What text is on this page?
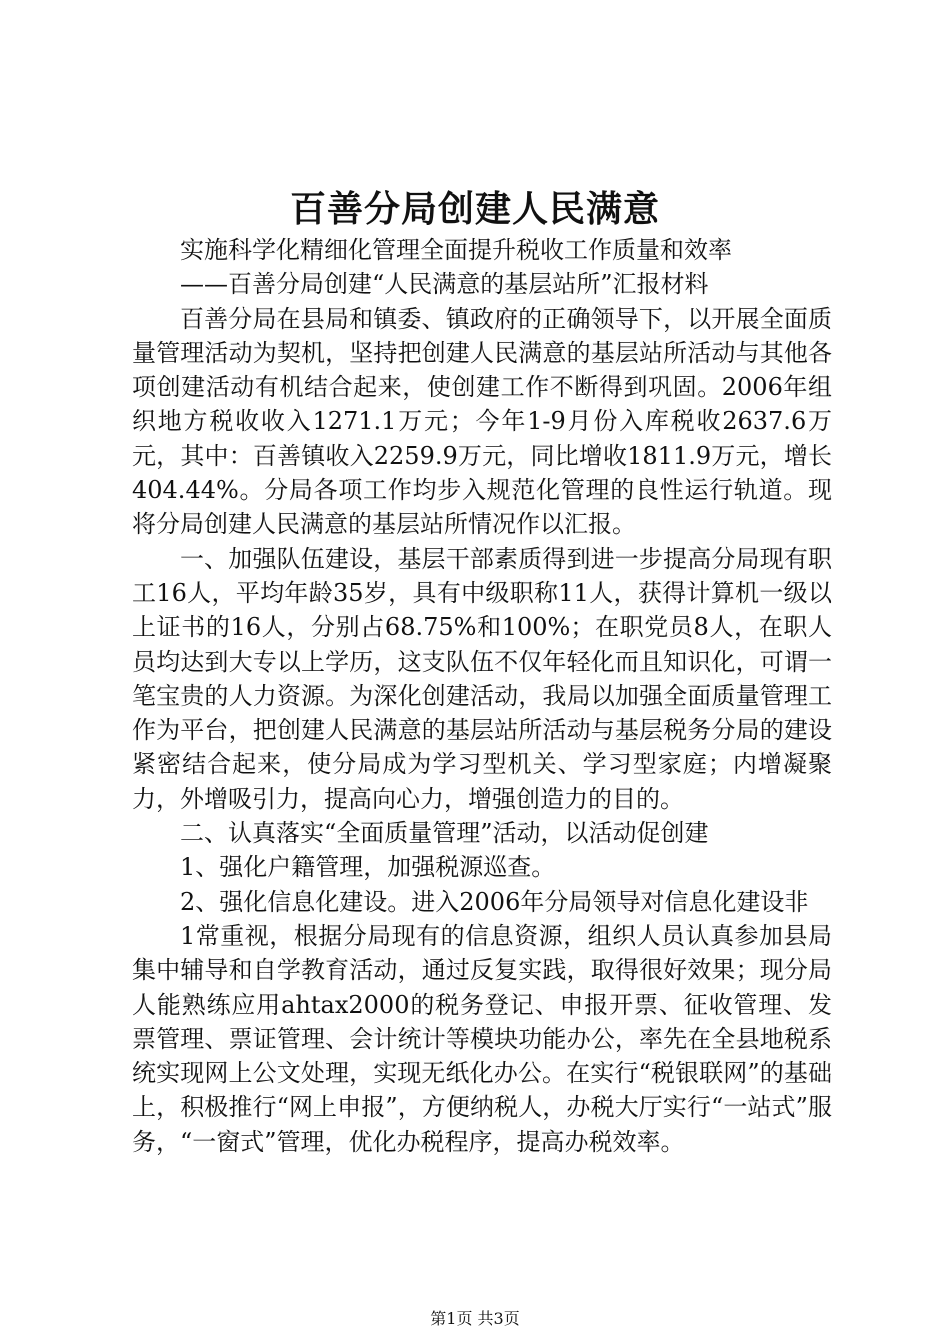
百善分局创建人民满意

实施科学化精细化管理全面提升税收工作质量和效率

——百善分局创建“人民满意的基层站所”汇报材料

百善分局在县局和镇委、镇政府的正确领导下，以开展全面质量管理活动为契机，坚持把创建人民满意的基层站所活动与其他各项创建活动有机结合起来，使创建工作不断得到巩固。2006年组织地方税收收入1271.1万元；今年1-9月份入库税收2637.6万元，其中：百善镇收入2259.9万元，同比增收1811.9万元，增长404.44%。分局各项工作均步入规范化管理的良性运行轨道。现将分局创建人民满意的基层站所情况作以汇报。

一、加强队伍建设，基层干部素质得到进一步提高分局现有职工16人，平均年龄35岁，具有中级职称11人，获得计算机一级以上证书的16人，分别占68.75%和100%；在职党员8人，在职人员均达到大专以上学历，这支队伍不仅年轻化而且知识化，可谓一笔宝贵的人力资源。为深化创建活动，我局以加强全面质量管理工作为平台，把创建人民满意的基层站所活动与基层税务分局的建设紧密结合起来，使分局成为学习型机关、学习型家庭；内增凝聚力，外增吸引力，提高向心力，增强创造力的目的。

二、认真落实“全面质量管理”活动，以活动促创建

1、强化户籍管理，加强税源巡查。

2、强化信息化建设。进入2006年分局领导对信息化建设非

1常重视，根据分局现有的信息资源，组织人员认真参加县局集中辅导和自学教育活动，通过反复实践，取得很好效果；现分局人能熟练应用ahtax2000的税务登记、申报开票、征收管理、发票管理、票证管理、会计统计等模块功能办公，率先在全县地税系统实现网上公文处理，实现无纸化办公。在实行“税银联网”的基础上，积极推行“网上申报”，方便纳税人，办税大厅实行“一站式”服务，“一窗式”管理，优化办税程序，提高办税效率。

第1页 共3页
